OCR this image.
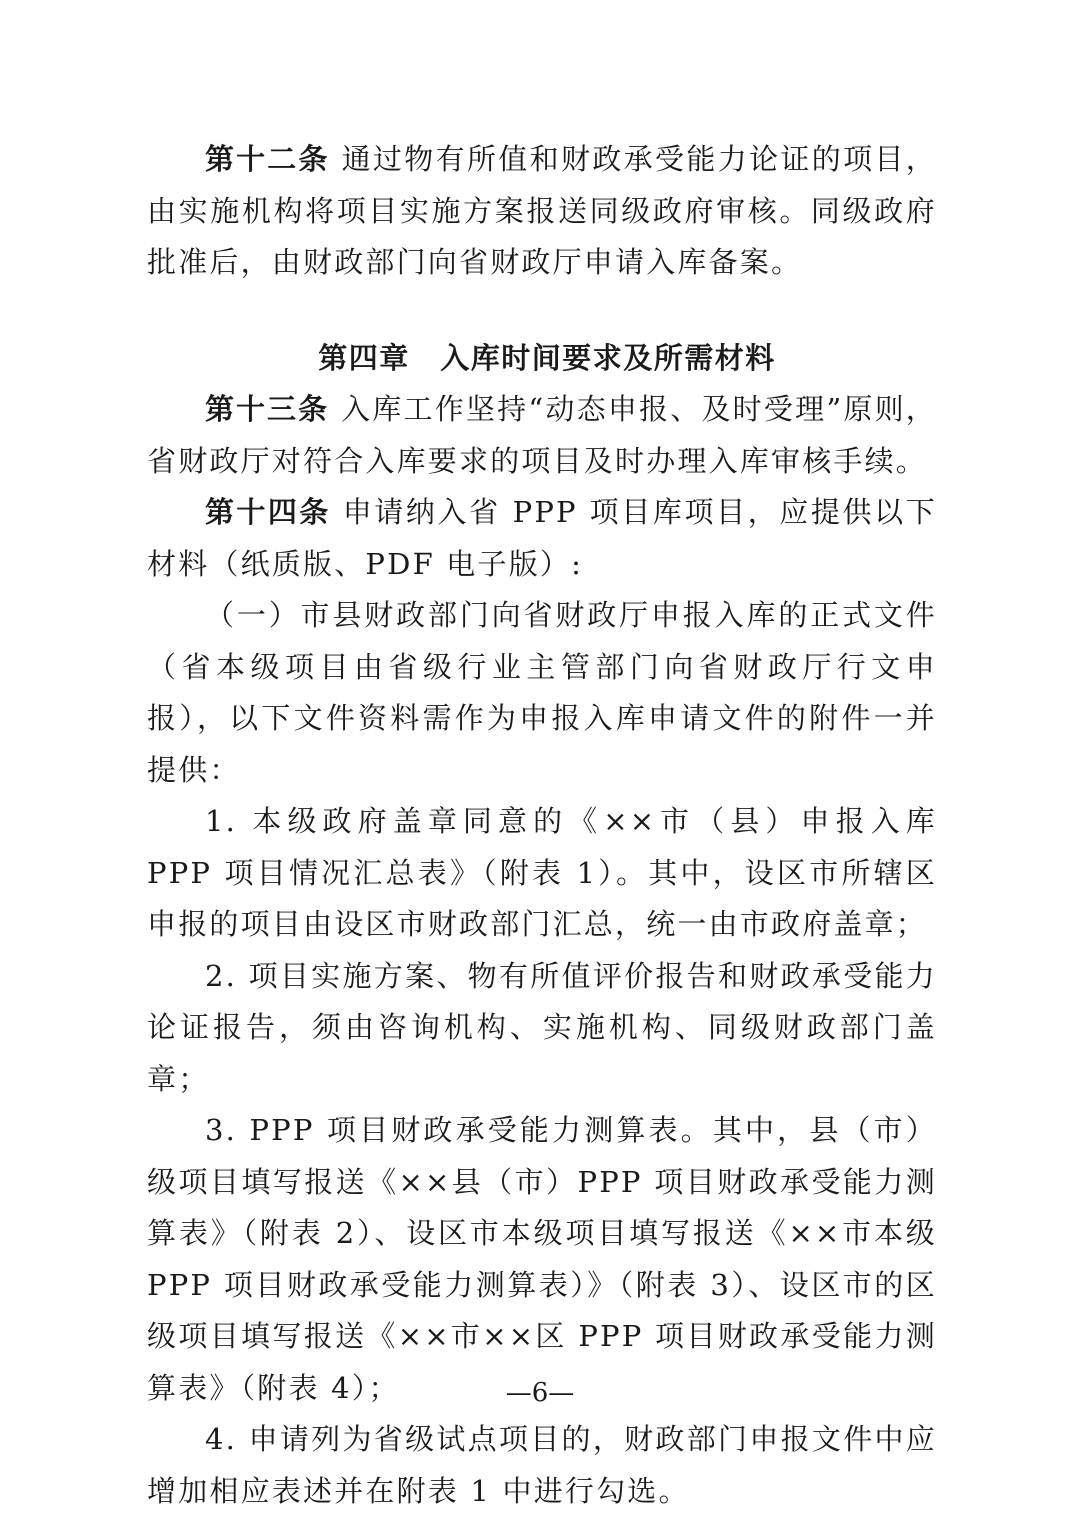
第十二条 通过物有所值和财政承受能力论证的项目，由实施机构将项目实施方案报送同级政府审核。同级政府批准后，由财政部门向省财政厅申请入库备案。

第四章　入库时间要求及所需材料

第十三条 入库工作坚持“动态申报、及时受理”原则，省财政厅对符合入库要求的项目及时办理入库审核手续。

第十四条 申请纳入省 PPP 项目库项目，应提供以下材料（纸质版、PDF 电子版）:

（一）市县财政部门向省财政厅申报入库的正式文件（省本级项目由省级行业主管部门向省财政厅行文申报），以下文件资料需作为申报入库申请文件的附件一并提供：

1. 本级政府盖章同意的《××市（县）申报入库 PPP 项目情况汇总表》（附表 1）。其中，设区市所辖区申报的项目由设区市财政部门汇总，统一由市政府盖章；

2. 项目实施方案、物有所值评价报告和财政承受能力论证报告，须由咨询机构、实施机构、同级财政部门盖章；

3. PPP 项目财政承受能力测算表。其中，县（市）级项目填写报送《××县（市）PPP 项目财政承受能力测算表》（附表 2）、设区市本级项目填写报送《××市本级 PPP 项目财政承受能力测算表）》（附表 3）、设区市的区级项目填写报送《××市××区 PPP 项目财政承受能力测算表》（附表 4）；

4. 申请列为省级试点项目的，财政部门申报文件中应增加相应表述并在附表 1 中进行勾选。

—6—
